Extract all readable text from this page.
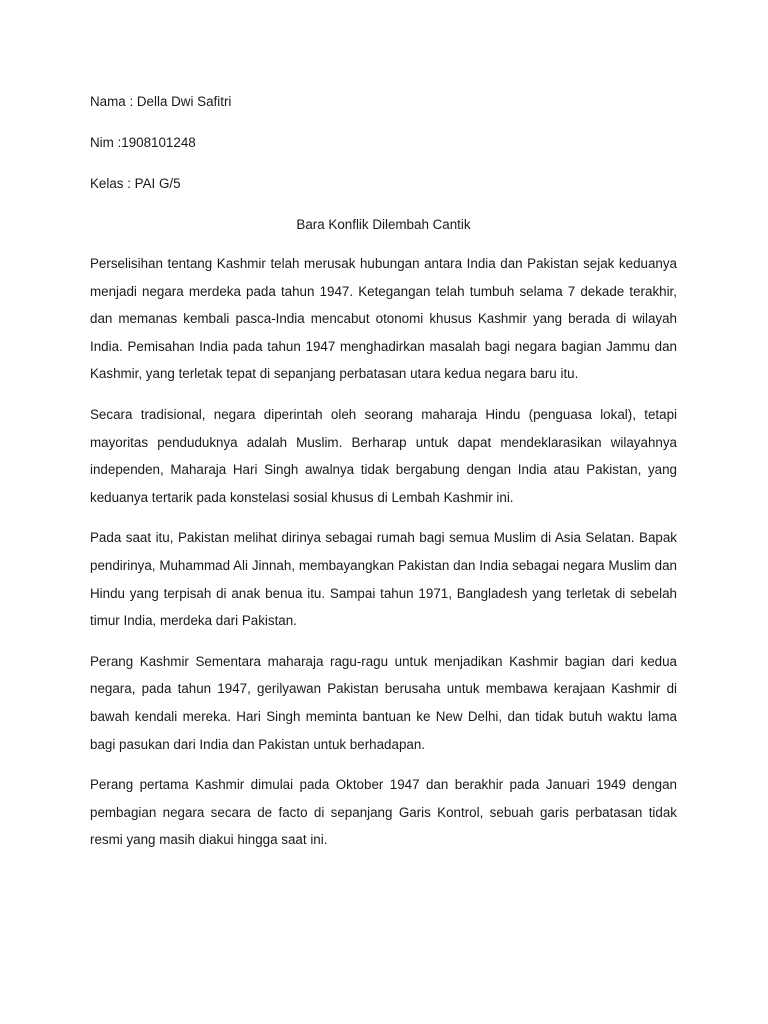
Nama : Della Dwi Safitri

Nim :1908101248

Kelas : PAI G/5

Bara Konflik Dilembah Cantik

Perselisihan tentang Kashmir telah merusak hubungan antara India dan Pakistan sejak keduanya menjadi negara merdeka pada tahun 1947. Ketegangan telah tumbuh selama 7 dekade terakhir, dan memanas kembali pasca-India mencabut otonomi khusus Kashmir yang berada di wilayah India. Pemisahan India pada tahun 1947 menghadirkan masalah bagi negara bagian Jammu dan Kashmir, yang terletak tepat di sepanjang perbatasan utara kedua negara baru itu.

Secara tradisional, negara diperintah oleh seorang maharaja Hindu (penguasa lokal), tetapi mayoritas penduduknya adalah Muslim. Berharap untuk dapat mendeklarasikan wilayahnya independen, Maharaja Hari Singh awalnya tidak bergabung dengan India atau Pakistan, yang keduanya tertarik pada konstelasi sosial khusus di Lembah Kashmir ini.

Pada saat itu, Pakistan melihat dirinya sebagai rumah bagi semua Muslim di Asia Selatan. Bapak pendirinya, Muhammad Ali Jinnah, membayangkan Pakistan dan India sebagai negara Muslim dan Hindu yang terpisah di anak benua itu. Sampai tahun 1971, Bangladesh yang terletak di sebelah timur India, merdeka dari Pakistan.

Perang Kashmir Sementara maharaja ragu-ragu untuk menjadikan Kashmir bagian dari kedua negara, pada tahun 1947, gerilyawan Pakistan berusaha untuk membawa kerajaan Kashmir di bawah kendali mereka. Hari Singh meminta bantuan ke New Delhi, dan tidak butuh waktu lama bagi pasukan dari India dan Pakistan untuk berhadapan.

Perang pertama Kashmir dimulai pada Oktober 1947 dan berakhir pada Januari 1949 dengan pembagian negara secara de facto di sepanjang Garis Kontrol, sebuah garis perbatasan tidak resmi yang masih diakui hingga saat ini.
